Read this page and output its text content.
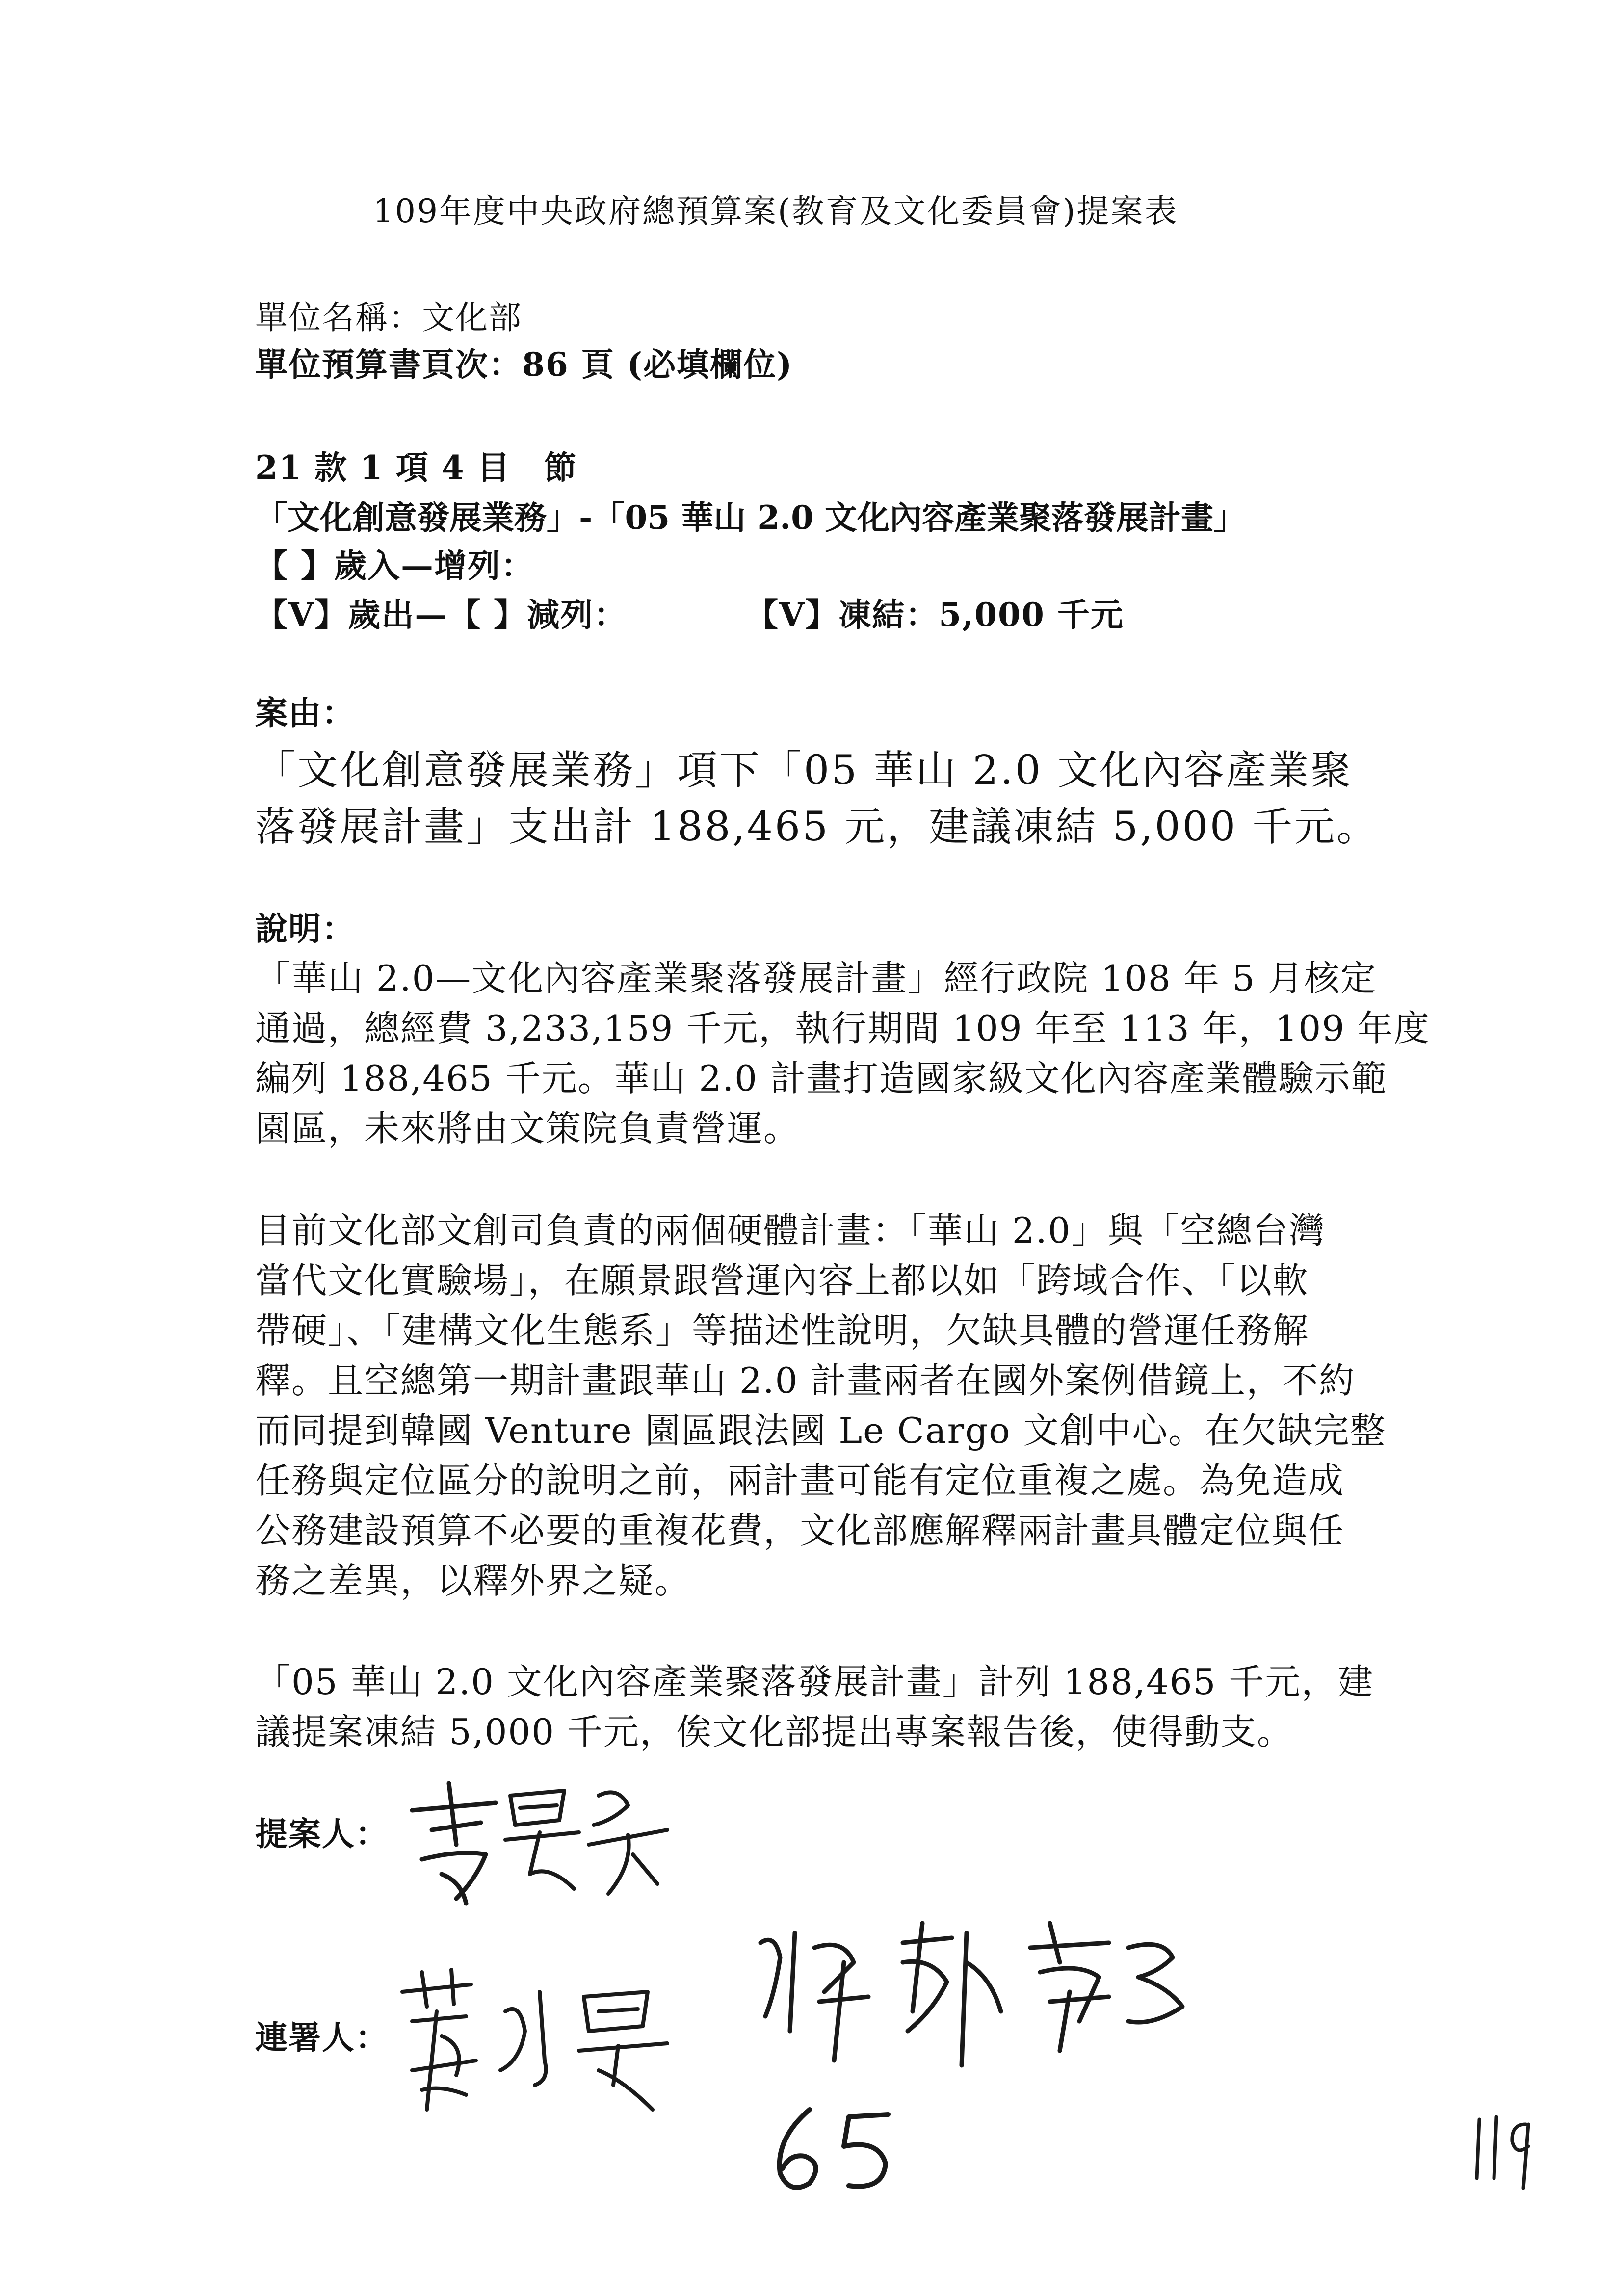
109年度中央政府總預算案(教育及文化委員會)提案表
單位名稱：文化部
單位預算書頁次：86 頁 (必填欄位)
21 款 1 項 4 目　節
「文化創意發展業務」-「05 華山 2.0 文化內容產業聚落發展計畫」
【 】歲入—增列：
【V】歲出—【 】減列：	【V】凍結：5,000 千元
案由：
「文化創意發展業務」項下「05 華山 2.0 文化內容產業聚
落發展計畫」支出計 188,465 元，建議凍結 5,000 千元。
說明：
「華山 2.0—文化內容產業聚落發展計畫」經行政院 108 年 5 月核定
通過，總經費 3,233,159 千元，執行期間 109 年至 113 年，109 年度
編列 188,465 千元。華山 2.0 計畫打造國家級文化內容產業體驗示範
園區，未來將由文策院負責營運。
目前文化部文創司負責的兩個硬體計畫：「華山 2.0」與「空總台灣
當代文化實驗場」，在願景跟營運內容上都以如「跨域合作、「以軟
帶硬」、「建構文化生態系」等描述性說明，欠缺具體的營運任務解
釋。且空總第一期計畫跟華山 2.0 計畫兩者在國外案例借鏡上，不約
而同提到韓國 Venture 園區跟法國 Le Cargo 文創中心。在欠缺完整
任務與定位區分的說明之前，兩計畫可能有定位重複之處。為免造成
公務建設預算不必要的重複花費，文化部應解釋兩計畫具體定位與任
務之差異，以釋外界之疑。
「05 華山 2.0 文化內容產業聚落發展計畫」計列 188,465 千元，建
議提案凍結 5,000 千元，俟文化部提出專案報告後，使得動支。
提案人：
連署人：
